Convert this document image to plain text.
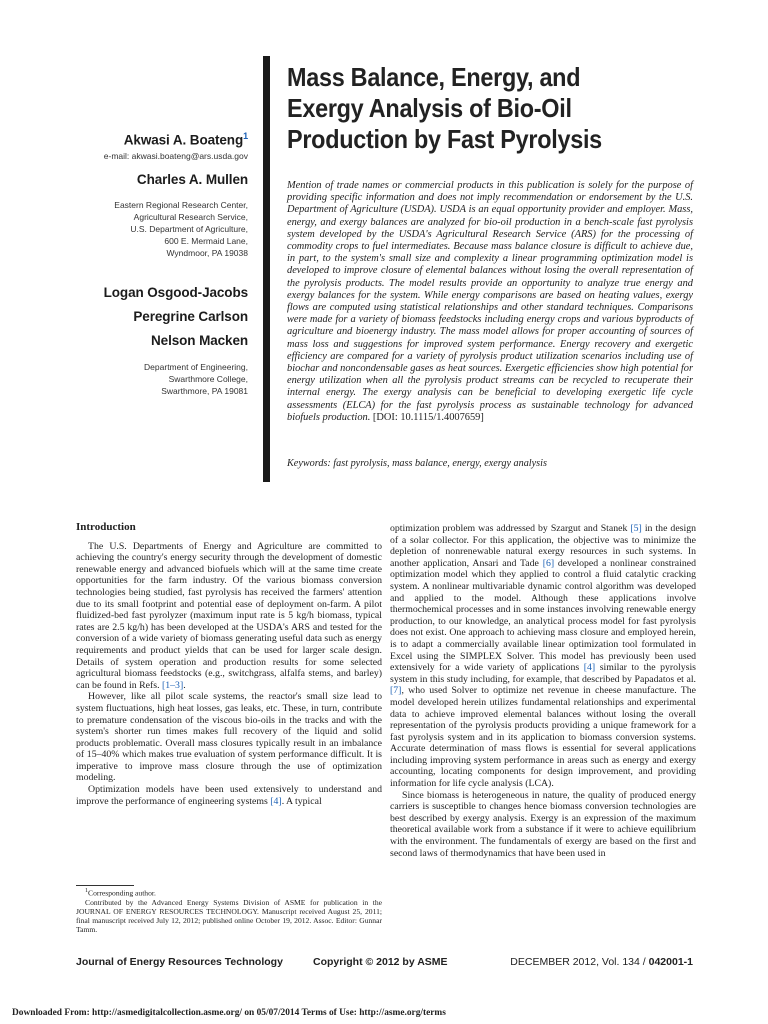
Akwasi A. Boateng$^1$
e-mail: akwasi.boateng@ars.usda.gov
Charles A. Mullen
Eastern Regional Research Center,
Agricultural Research Service,
U.S. Department of Agriculture,
600 E. Mermaid Lane,
Wyndmoor, PA 19038
Logan Osgood-Jacobs
Peregrine Carlson
Nelson Macken
Department of Engineering,
Swarthmore College,
Swarthmore, PA 19081
Mass Balance, Energy, and
Exergy Analysis of Bio-Oil
Production by Fast Pyrolysis
Mention of trade names or commercial products in this publication is solely for the purpose of providing specific information and does not imply recommendation or endorsement by the U.S. Department of Agriculture (USDA). USDA is an equal opportunity provider and employer. Mass, energy, and exergy balances are analyzed for bio-oil production in a bench-scale fast pyrolysis system developed by the USDA's Agricultural Research Service (ARS) for the processing of commodity crops to fuel intermediates. Because mass balance closure is difficult to achieve due, in part, to the system's small size and complexity a linear programming optimization model is developed to improve closure of elemental balances without losing the overall representation of the pyrolysis products. The model results provide an opportunity to analyze true energy and exergy balances for the system. While energy comparisons are based on heating values, exergy flows are computed using statistical relationships and other standard techniques. Comparisons were made for a variety of biomass feedstocks including energy crops and various byproducts of agriculture and bioenergy industry. The mass model allows for proper accounting of sources of mass loss and suggestions for improved system performance. Energy recovery and exergetic efficiency are compared for a variety of pyrolysis product utilization scenarios including use of biochar and noncondensable gases as heat sources. Exergetic efficiencies show high potential for energy utilization when all the pyrolysis product streams can be recycled to recuperate their internal energy. The exergy analysis can be beneficial to developing exergetic life cycle assessments (ELCA) for the fast pyrolysis process as sustainable technology for advanced biofuels production. [DOI: 10.1115/1.4007659]
Keywords: fast pyrolysis, mass balance, energy, exergy analysis
Introduction

The U.S. Departments of Energy and Agriculture are committed to achieving the country's energy security through the development of domestic renewable energy and advanced biofuels which will at the same time create opportunities for the farm industry. Of the various biomass conversion technologies being studied, fast pyrolysis has received the farmers' attention due to its small footprint and potential ease of deployment on-farm. A pilot fluidized-bed fast pyrolyzer (maximum input rate is 5 kg/h biomass, typical rates are 2.5 kg/h) has been developed at the USDA's ARS and tested for the conversion of a wide variety of biomass generating useful data such as energy requirements and product yields that can be used for larger scale design. Details of system operation and production results for some selected agricultural biomass feedstocks (e.g., switchgrass, alfalfa stems, and barley) can be found in Refs. [1–3].

However, like all pilot scale systems, the reactor's small size lead to system fluctuations, high heat losses, gas leaks, etc. These, in turn, contribute to premature condensation of the viscous bio-oils in the tracks and with the system's shorter run times makes full recovery of the liquid and solid products problematic. Overall mass closures typically result in an imbalance of 15–40% which makes true evaluation of system performance difficult. It is imperative to improve mass closure through the use of optimization modeling.

Optimization models have been used extensively to understand and improve the performance of engineering systems [4]. A typical

optimization problem was addressed by Szargut and Stanek [5] in the design of a solar collector. For this application, the objective was to minimize the depletion of nonrenewable natural exergy resources in such systems. In another application, Ansari and Tade [6] developed a nonlinear constrained optimization model which they applied to control a fluid catalytic cracking system. A nonlinear multivariable dynamic control algorithm was developed and applied to the model. Although these applications involve thermochemical processes and in some instances involving renewable energy production, to our knowledge, an analytical process model for fast pyrolysis does not exist. One approach to achieving mass closure and employed herein, is to adapt a commercially available linear optimization tool formulated in Excel using the SIMPLEX Solver. This model has previously been used extensively for a wide variety of applications [4] similar to the pyrolysis system in this study including, for example, that described by Papadatos et al. [7], who used Solver to optimize net revenue in cheese manufacture. The model developed herein utilizes fundamental relationships and experimental data to achieve improved elemental balances without losing the overall representation of the pyrolysis products providing a unique framework for a fast pyrolysis system and in its application to biomass conversion systems. Accurate determination of mass flows is essential for several applications including improving system performance in areas such as energy and exergy accounting, locating components for design improvement, and providing information for life cycle analysis (LCA).

Since biomass is heterogeneous in nature, the quality of produced energy carriers is susceptible to changes hence biomass conversion technologies are best described by exergy analysis. Exergy is an expression of the maximum theoretical available work from a substance if it were to achieve equilibrium with the environment. The fundamentals of exergy are based on the first and second laws of thermodynamics that have been used in

$^1$Corresponding author.

Contributed by the Advanced Energy Systems Division of ASME for publication in the JOURNAL OF ENERGY RESOURCES TECHNOLOGY. Manuscript received August 25, 2011; final manuscript received July 12, 2012; published online October 19, 2012. Assoc. Editor: Gunnar Tamm.

Journal of Energy Resources Technology	Copyright © 2012 by ASME	DECEMBER 2012, Vol. 134 / 042001-1
Downloaded From: http://asmedigitalcollection.asme.org/ on 05/07/2014 Terms of Use: http://asme.org/terms
